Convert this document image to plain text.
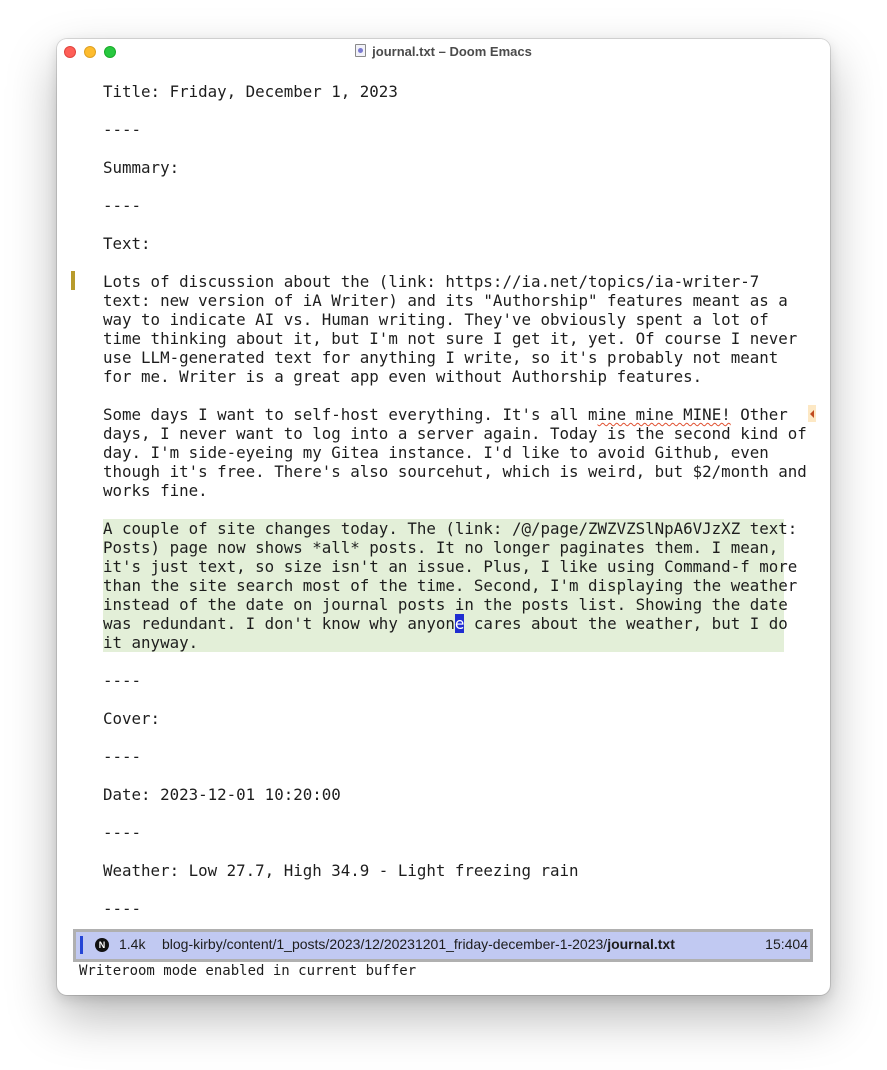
journal.txt – Doom Emacs
Title: Friday, December 1, 2023
----
Summary:
----
Text:
Lots of discussion about the (link: https://ia.net/topics/ia-writer-7
text: new version of iA Writer) and its "Authorship" features meant as a
way to indicate AI vs. Human writing. They've obviously spent a lot of
time thinking about it, but I'm not sure I get it, yet. Of course I never
use LLM-generated text for anything I write, so it's probably not meant
for me. Writer is a great app even without Authorship features.
Some days I want to self-host everything. It's all mine mine MINE! Other
days, I never want to log into a server again. Today is the second kind of
day. I'm side-eyeing my Gitea instance. I'd like to avoid Github, even
though it's free. There's also sourcehut, which is weird, but $2/month and
works fine.
A couple of site changes today. The (link: /@/page/ZWZVZSlNpA6VJzXZ text:
Posts) page now shows *all* posts. It no longer paginates them. I mean,
it's just text, so size isn't an issue. Plus, I like using Command-f more
than the site search most of the time. Second, I'm displaying the weather
instead of the date on journal posts in the posts list. Showing the date
was redundant. I don't know why anyone cares about the weather, but I do
it anyway.
----
Cover:
----
Date: 2023-12-01 10:20:00
----
Weather: Low 27.7, High 34.9 - Light freezing rain
----
N 1.4k blog-kirby/content/1_posts/2023/12/20231201_friday-december-1-2023/journal.txt	15:404
Writeroom mode enabled in current buffer
